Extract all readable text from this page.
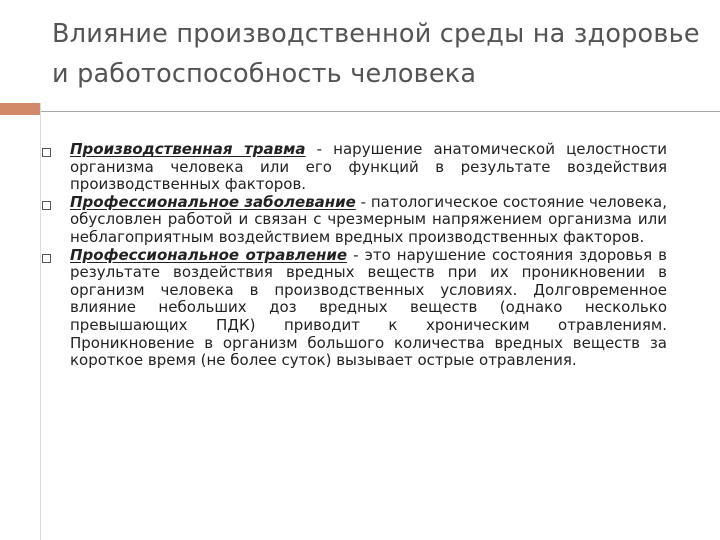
Влияние производственной среды на здоровье и работоспособность человека
Производственная травма - нарушение анатомической целостности организма человека или его функций в результате воздействия производственных факторов.
Профессиональное заболевание - патологическое состояние человека, обусловлен работой и связан с чрезмерным напряжением организма или неблагоприятным воздействием вредных производственных факторов.
Профессиональное отравление - это нарушение состояния здоровья в результате воздействия вредных веществ при их проникновении в организм человека в производственных условиях. Долговременное влияние небольших доз вредных веществ (однако несколько превышающих ПДК) приводит к хроническим отравлениям. Проникновение в организм большого количества вредных веществ за короткое время (не более суток) вызывает острые отравления.
